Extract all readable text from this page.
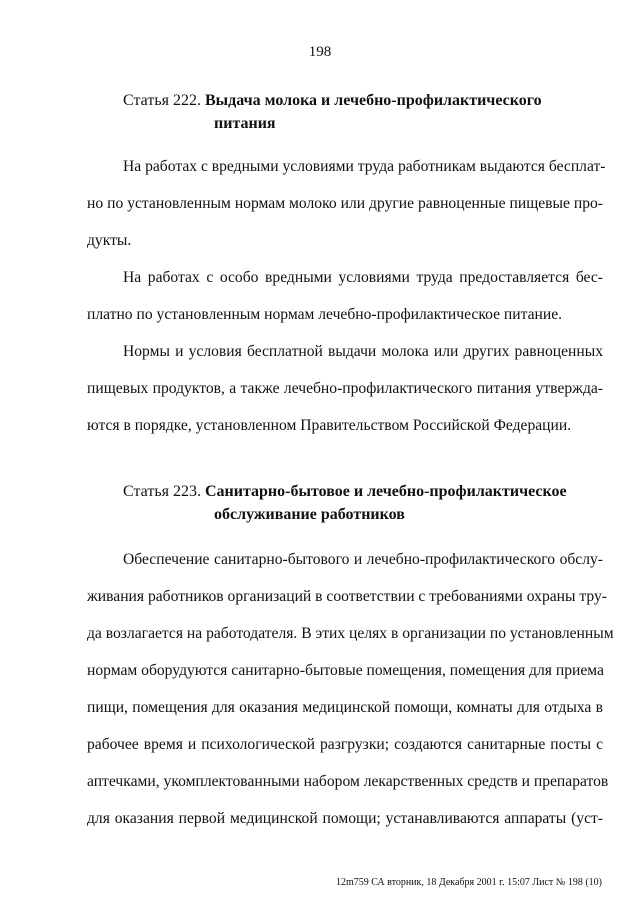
198
Статья 222. Выдача молока и лечебно-профилактического
питания
На работах с вредными условиями труда работникам выдаются бесплат-
но по установленным нормам молоко или другие равноценные пищевые про-
дукты.
На работах с особо вредными условиями труда предоставляется бес-
платно по установленным нормам лечебно-профилактическое питание.
Нормы и условия бесплатной выдачи молока или других равноценных
пищевых продуктов, а также лечебно-профилактического питания утвержда-
ются в порядке, установленном Правительством Российской Федерации.
Статья 223. Санитарно-бытовое и лечебно-профилактическое
обслуживание работников
Обеспечение санитарно-бытового и лечебно-профилактического обслу-
живания работников организаций в соответствии с требованиями охраны тру-
да возлагается на работодателя. В этих целях в организации по установленным
нормам оборудуются санитарно-бытовые помещения, помещения для приема
пищи, помещения для оказания медицинской помощи, комнаты для отдыха в
рабочее время и психологической разгрузки; создаются санитарные посты с
аптечками, укомплектованными набором лекарственных средств и препаратов
для оказания первой медицинской помощи; устанавливаются аппараты (уст-
12m759 СА вторник, 18 Декабря 2001 г. 15:07 Лист № 198 (10)
